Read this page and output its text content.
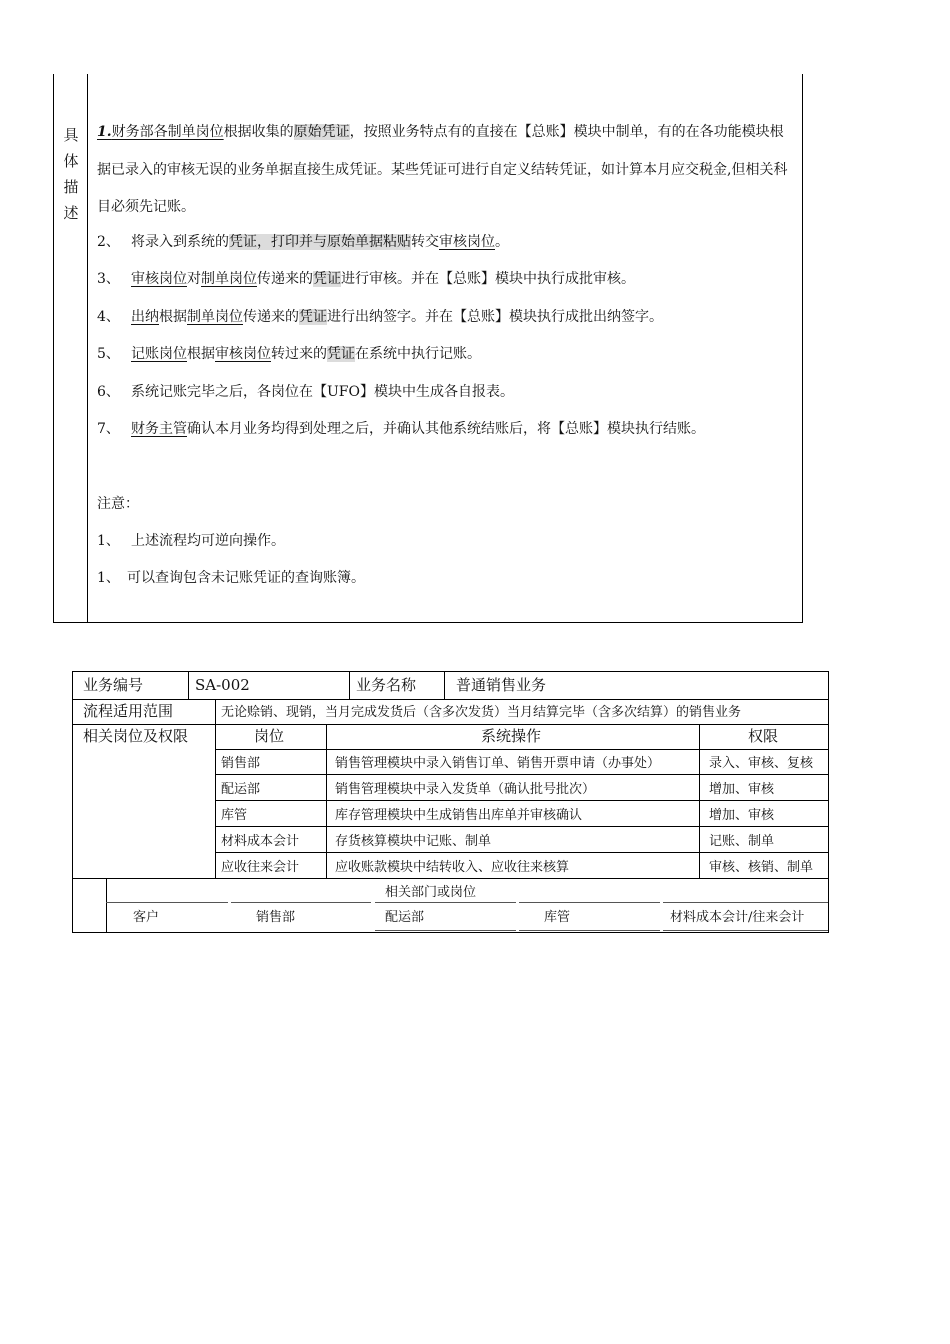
具
体
描
述
1.财务部各制单岗位根据收集的原始凭证，按照业务特点有的直接在【总账】模块中制单，有的在各功能模块根据已录入的审核无误的业务单据直接生成凭证。某些凭证可进行自定义结转凭证，如计算本月应交税金,但相关科目必须先记账。
2、 将录入到系统的凭证，打印并与原始单据粘贴转交审核岗位。
3、 审核岗位对制单岗位传递来的凭证进行审核。并在【总账】模块中执行成批审核。
4、 出纳根据制单岗位传递来的凭证进行出纳签字。并在【总账】模块执行成批出纳签字。
5、 记账岗位根据审核岗位转过来的凭证在系统中执行记账。
6、 系统记账完毕之后，各岗位在【UFO】模块中生成各自报表。
7、 财务主管确认本月业务均得到处理之后，并确认其他系统结账后，将【总账】模块执行结账。
注意：
1、 上述流程均可逆向操作。
1、 可以查询包含未记账凭证的查询账簿。
业务编号	SA-002	业务名称	普通销售业务
流程适用范围	无论赊销、现销，当月完成发货后（含多次发货）当月结算完毕（含多次结算）的销售业务
相关岗位及权限	岗位	系统操作	权限
销售部	销售管理模块中录入销售订单、销售开票申请（办事处）	录入、审核、复核
配运部	销售管理模块中录入发货单（确认批号批次）	增加、审核
库管	库存管理模块中生成销售出库单并审核确认	增加、审核
材料成本会计	存货核算模块中记账、制单	记账、制单
应收往来会计	应收账款模块中结转收入、应收往来核算	审核、核销、制单
相关部门或岗位
客户	销售部	配运部	库管	材料成本会计/往来会计
